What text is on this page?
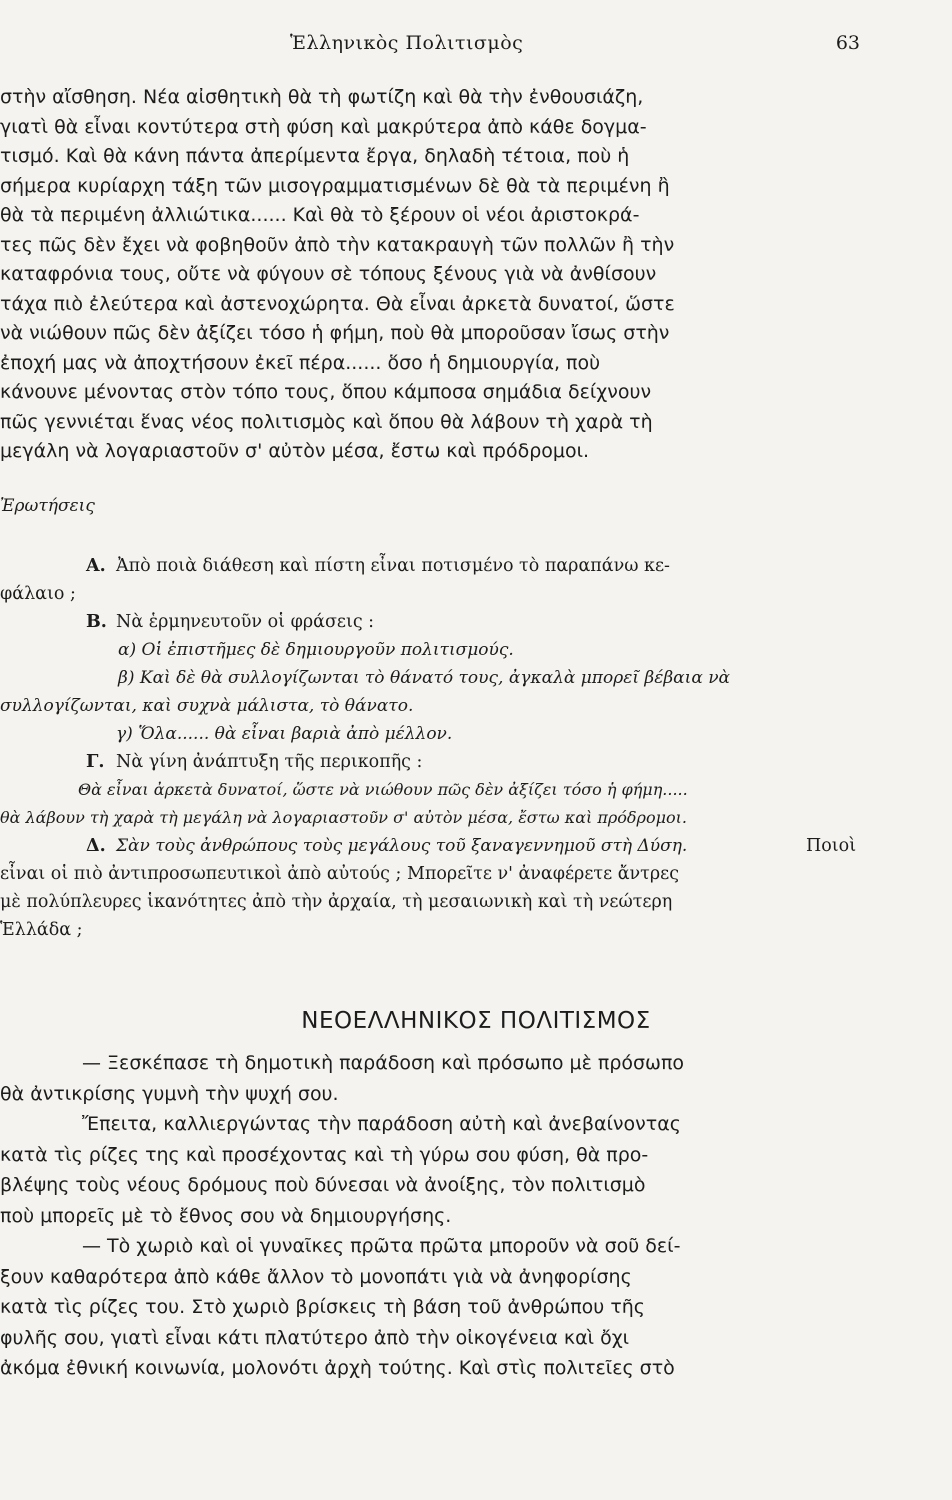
Ἑλληνικὸς Πολιτισμὸς	63
στὴν αἴσθηση. Νέα αἰσθητικὴ θὰ τὴ φωτίζη καὶ θὰ τὴν ἐνθουσιάζη,
γιατὶ θὰ εἶναι κοντύτερα στὴ φύση καὶ μακρύτερα ἀπὸ κάθε δογμα-
τισμό. Καὶ θὰ κάνη πάντα ἀπερίμεντα ἔργα, δηλαδὴ τέτοια, ποὺ ἡ
σήμερα κυρίαρχη τάξη τῶν μισογραμματισμένων δὲ θὰ τὰ περιμένη ἢ
θὰ τὰ περιμένη ἀλλιώτικα...... Καὶ θὰ τὸ ξέρουν οἱ νέοι ἀριστοκρά-
τες πῶς δὲν ἔχει νὰ φοβηθοῦν ἀπὸ τὴν κατακραυγὴ τῶν πολλῶν ἢ τὴν
καταφρόνια τους, οὔτε νὰ φύγουν σὲ τόπους ξένους γιὰ νὰ ἀνθίσουν
τάχα πιὸ ἐλεύτερα καὶ ἀστενοχώρητα. Θὰ εἶναι ἀρκετὰ δυνατοί, ὥστε
νὰ νιώθουν πῶς δὲν ἀξίζει τόσο ἡ φήμη, ποὺ θὰ μποροῦσαν ἴσως στὴν
ἐποχή μας νὰ ἀποχτήσουν ἐκεῖ πέρα...... ὅσο ἡ δημιουργία, ποὺ
κάνουνε μένοντας στὸν τόπο τους, ὅπου κάμποσα σημάδια δείχνουν
πῶς γεννιέται ἕνας νέος πολιτισμὸς καὶ ὅπου θὰ λάβουν τὴ χαρὰ τὴ
μεγάλη νὰ λογαριαστοῦν σ' αὐτὸν μέσα, ἔστω καὶ πρόδρομοι.
Ἐρωτήσεις
Α. Ἀπὸ ποιὰ διάθεση καὶ πίστη εἶναι ποτισμένο τὸ παραπάνω κε-
φάλαιο ;
Β. Νὰ ἑρμηνευτοῦν οἱ φράσεις :
α) Οἱ ἐπιστῆμες δὲ δημιουργοῦν πολιτισμούς.
β) Καὶ δὲ θὰ συλλογίζωνται τὸ θάνατό τους, ἀγκαλὰ μπορεῖ βέβαια νὰ
συλλογίζωνται, καὶ συχνὰ μάλιστα, τὸ θάνατο.
γ) Ὅλα...... θὰ εἶναι βαριὰ ἀπὸ μέλλον.
Γ. Νὰ γίνη ἀνάπτυξη τῆς περικοπῆς :
Θὰ εἶναι ἀρκετὰ δυνατοί, ὥστε νὰ νιώθουν πῶς δὲν ἀξίζει τόσο ἡ φήμη.....
θὰ λάβουν τὴ χαρὰ τὴ μεγάλη νὰ λογαριαστοῦν σ' αὐτὸν μέσα, ἔστω καὶ πρόδρομοι.
Δ. Σὰν τοὺς ἀνθρώπους τοὺς μεγάλους τοῦ ξαναγεννημοῦ στὴ Δύση.	Ποιοὶ
εἶναι οἱ πιὸ ἀντιπροσωπευτικοὶ ἀπὸ αὐτούς ; Μπορεῖτε ν' ἀναφέρετε ἄντρες
μὲ πολύπλευρες ἱκανότητες ἀπὸ τὴν ἀρχαία, τὴ μεσαιωνικὴ καὶ τὴ νεώτερη
Ἑλλάδα ;
ΝΕΟΕΛΛΗΝΙΚΟΣ ΠΟΛΙΤΙΣΜΟΣ
— Ξεσκέπασε τὴ δημοτικὴ παράδοση καὶ πρόσωπο μὲ πρόσωπο
θὰ ἀντικρίσης γυμνὴ τὴν ψυχή σου.
Ἔπειτα, καλλιεργώντας τὴν παράδοση αὐτὴ καὶ ἀνεβαίνοντας
κατὰ τὶς ρίζες της καὶ προσέχοντας καὶ τὴ γύρω σου φύση, θὰ προ-
βλέψης τοὺς νέους δρόμους ποὺ δύνεσαι νὰ ἀνοίξης, τὸν πολιτισμὸ
ποὺ μπορεῖς μὲ τὸ ἔθνος σου νὰ δημιουργήσης.
— Τὸ χωριὸ καὶ οἱ γυναῖκες πρῶτα πρῶτα μποροῦν νὰ σοῦ δεί-
ξουν καθαρότερα ἀπὸ κάθε ἄλλον τὸ μονοπάτι γιὰ νὰ ἀνηφορίσης
κατὰ τὶς ρίζες του. Στὸ χωριὸ βρίσκεις τὴ βάση τοῦ ἀνθρώπου τῆς
φυλῆς σου, γιατὶ εἶναι κάτι πλατύτερο ἀπὸ τὴν οἰκογένεια καὶ ὄχι
ἀκόμα ἐθνική κοινωνία, μολονότι ἀρχὴ τούτης. Καὶ στὶς πολιτεῖες στὸ
